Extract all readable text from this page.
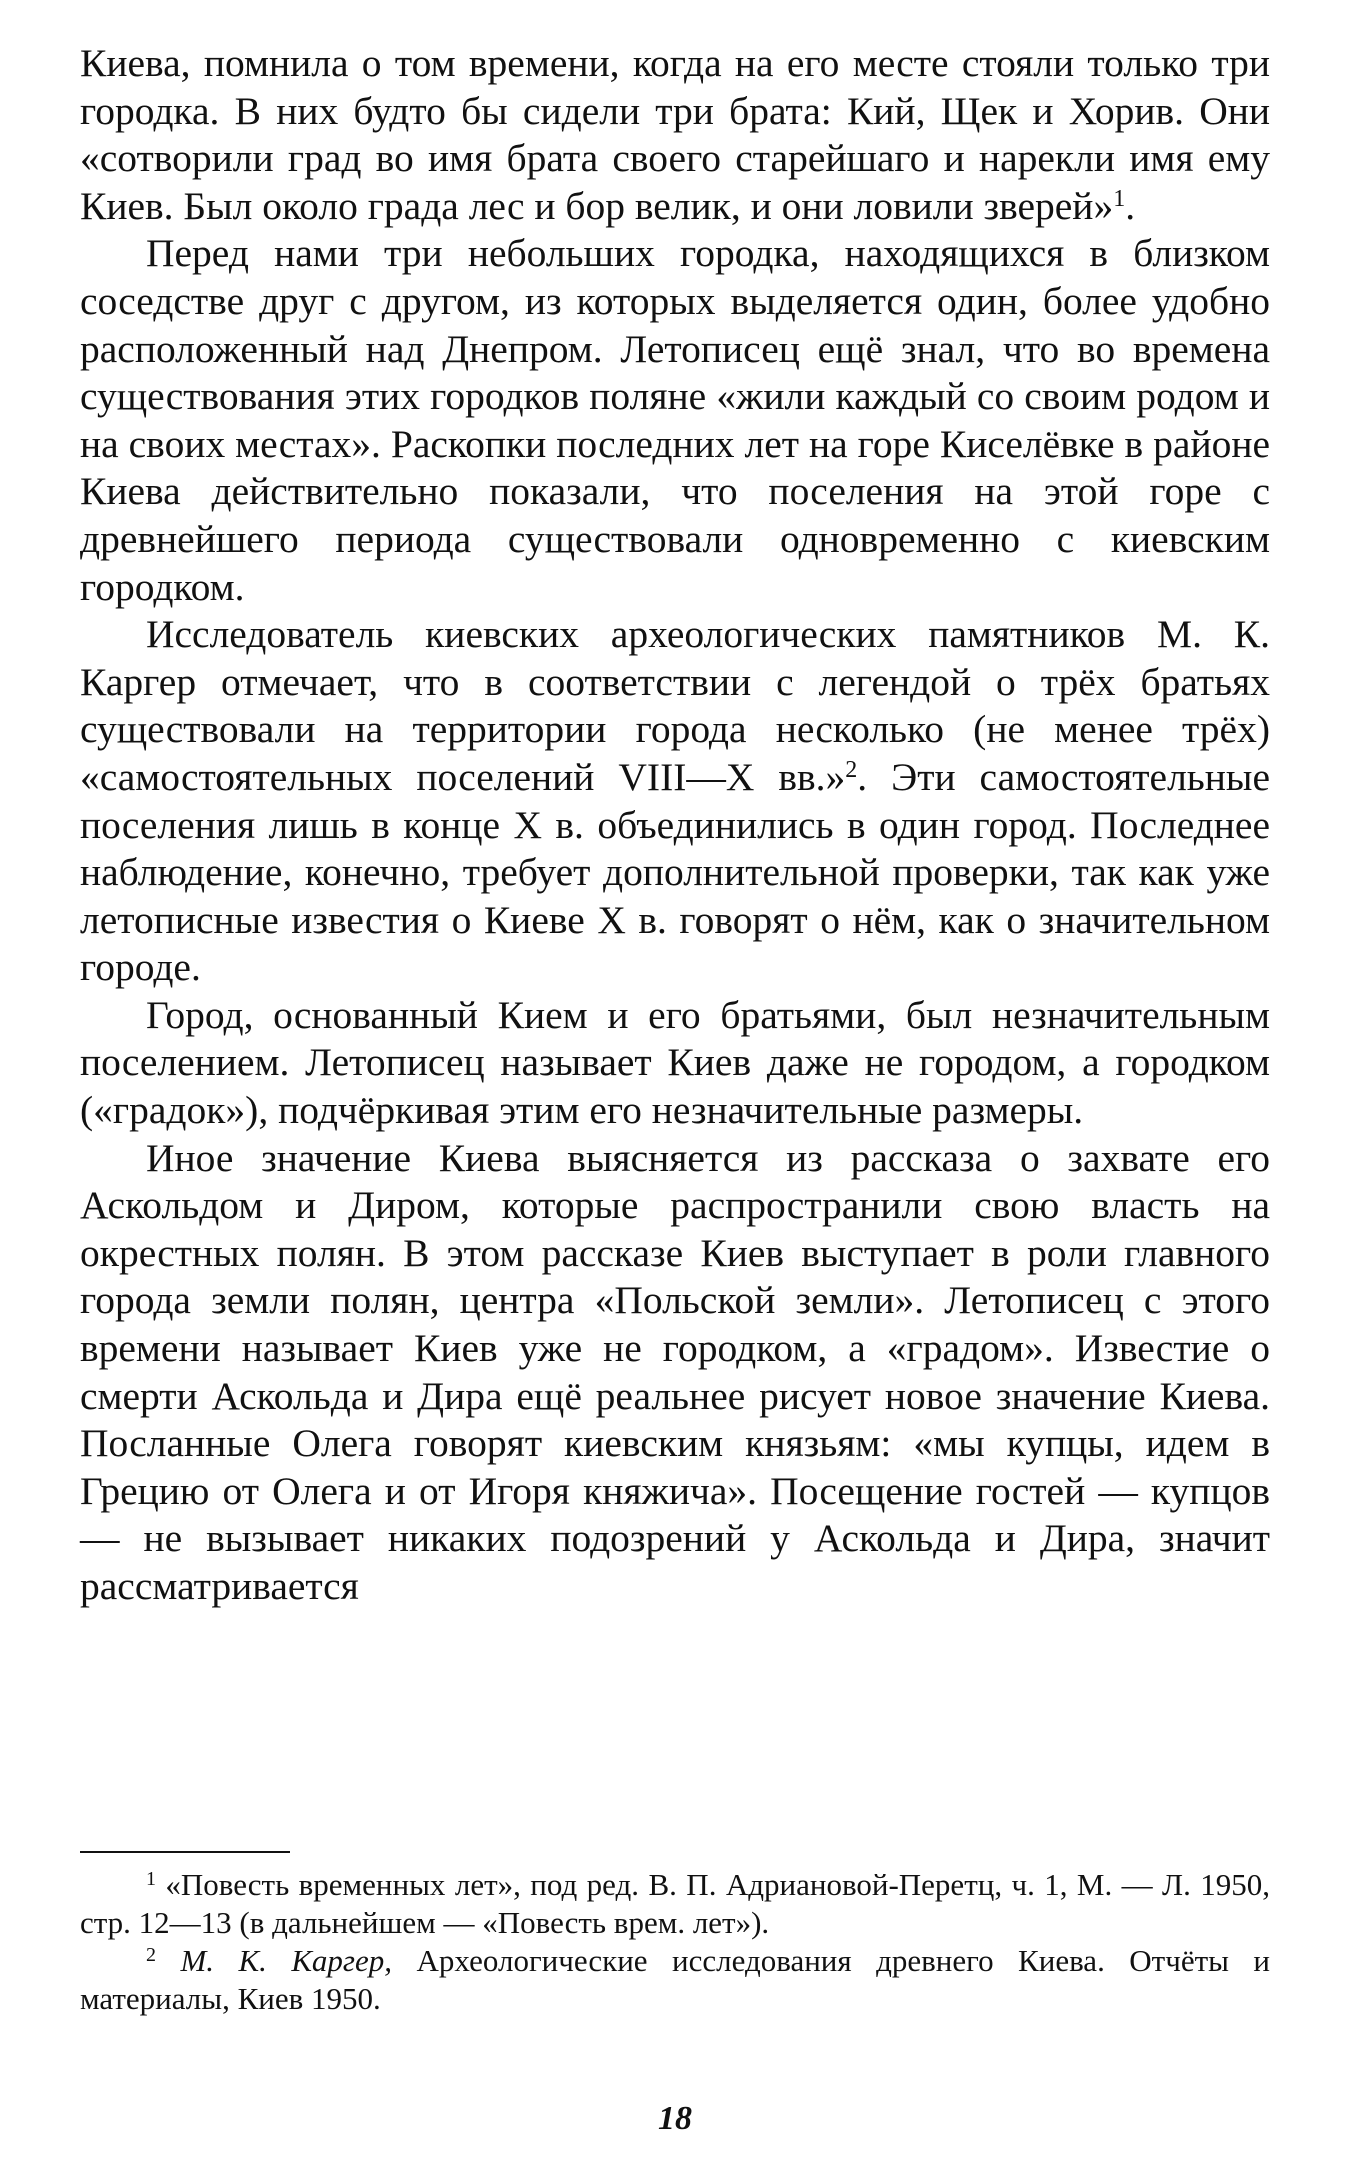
Киева, помнила о том времени, когда на его месте стояли только три городка. В них будто бы сидели три брата: Кий, Щек и Хорив. Они «сотворили град во имя брата своего старейшаго и нарекли имя ему Киев. Был около града лес и бор велик, и они ловили зверей»$^1$.

Перед нами три небольших городка, находящихся в близком соседстве друг с другом, из которых выделяется один, более удобно расположенный над Днепром. Летописец ещё знал, что во времена существования этих городков поляне «жили каждый со своим родом и на своих местах». Раскопки последних лет на горе Киселёвке в районе Киева действительно показали, что поселения на этой горе с древнейшего периода существовали одновременно с киевским городком.

Исследователь киевских археологических памятников М. К. Каргер отмечает, что в соответствии с легендой о трёх братьях существовали на территории города несколько (не менее трёх) «самостоятельных поселений VIII—X вв.»$^2$. Эти самостоятельные поселения лишь в конце X в. объединились в один город. Последнее наблюдение, конечно, требует дополнительной проверки, так как уже летописные известия о Киеве X в. говорят о нём, как о значительном городе.

Город, основанный Кием и его братьями, был незначительным поселением. Летописец называет Киев даже не городом, а городком («градок»), подчёркивая этим его незначительные размеры.

Иное значение Киева выясняется из рассказа о захвате его Аскольдом и Диром, которые распространили свою власть на окрестных полян. В этом рассказе Киев выступает в роли главного города земли полян, центра «Польской земли». Летописец с этого времени называет Киев уже не городком, а «градом». Известие о смерти Аскольда и Дира ещё реальнее рисует новое значение Киева. Посланные Олега говорят киевским князьям: «мы купцы, идем в Грецию от Олега и от Игоря княжича». Посещение гостей — купцов — не вызывает никаких подозрений у Аскольда и Дира, значит рассматривается

$^1$ «Повесть временных лет», под ред. В. П. Адриановой-Перетц, ч. 1, М. — Л. 1950, стр. 12—13 (в дальнейшем — «Повесть врем. лет»).

$^2$ М. К. Каргер, Археологические исследования древнего Киева. Отчёты и материалы, Киев 1950.

18
